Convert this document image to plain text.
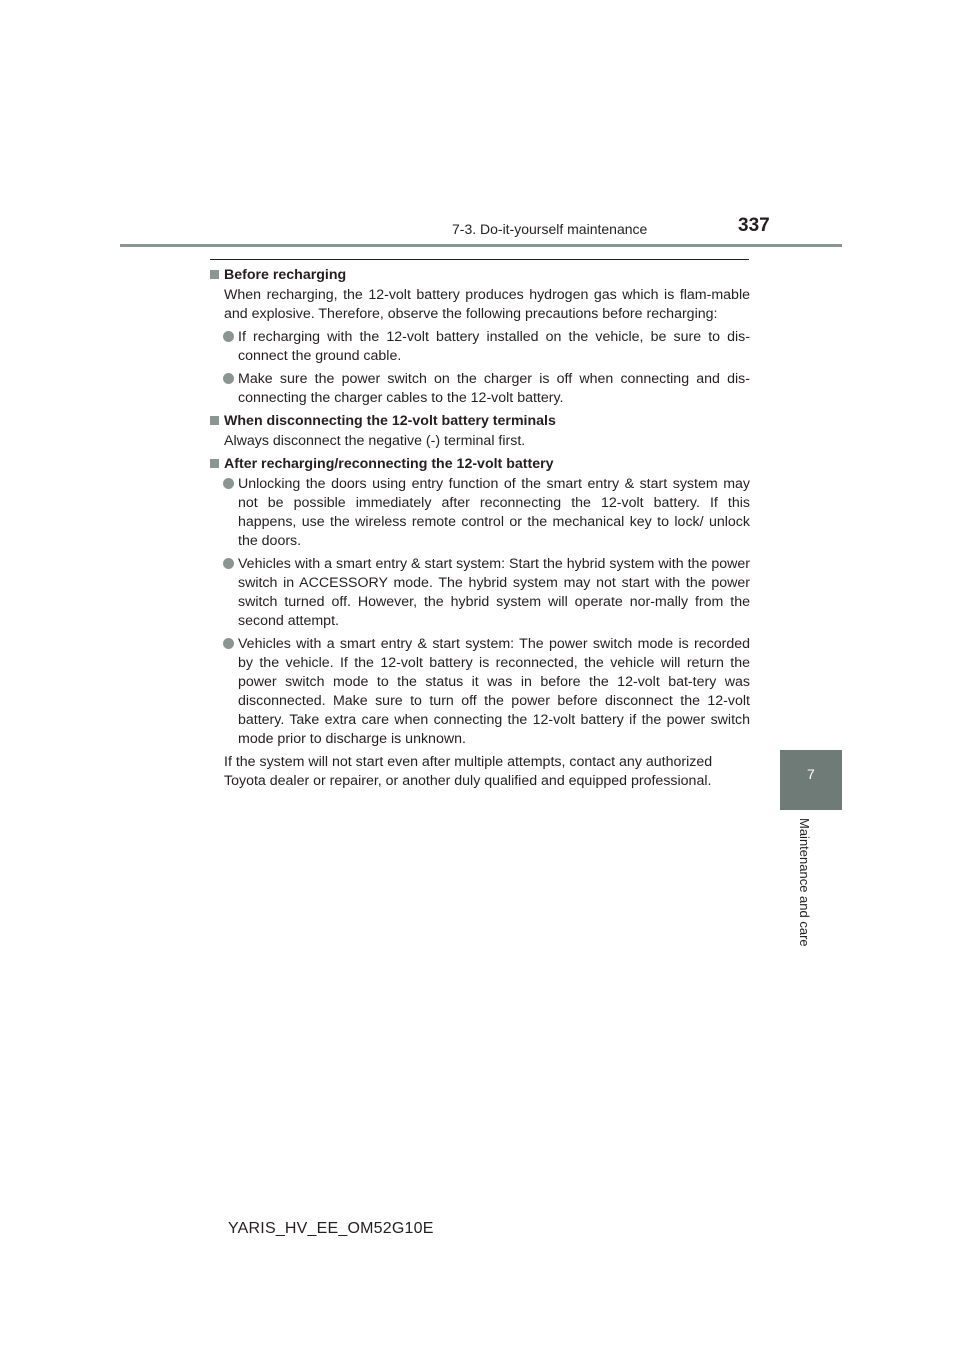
7-3. Do-it-yourself maintenance	337
7
Maintenance and care
Before recharging
When recharging, the 12-volt battery produces hydrogen gas which is flam-mable and explosive. Therefore, observe the following precautions before recharging:
If recharging with the 12-volt battery installed on the vehicle, be sure to dis-connect the ground cable.
Make sure the power switch on the charger is off when connecting and dis-connecting the charger cables to the 12-volt battery.
When disconnecting the 12-volt battery terminals
Always disconnect the negative (-) terminal first.
After recharging/reconnecting the 12-volt battery
Unlocking the doors using entry function of the smart entry & start system may not be possible immediately after reconnecting the 12-volt battery. If this happens, use the wireless remote control or the mechanical key to lock/ unlock the doors.
Vehicles with a smart entry & start system: Start the hybrid system with the power switch in ACCESSORY mode. The hybrid system may not start with the power switch turned off. However, the hybrid system will operate nor-mally from the second attempt.
Vehicles with a smart entry & start system: The power switch mode is recorded by the vehicle. If the 12-volt battery is reconnected, the vehicle will return the power switch mode to the status it was in before the 12-volt bat-tery was disconnected. Make sure to turn off the power before disconnect the 12-volt battery. Take extra care when connecting the 12-volt battery if the power switch mode prior to discharge is unknown.
If the system will not start even after multiple attempts, contact any authorized Toyota dealer or repairer, or another duly qualified and equipped professional.
YARIS_HV_EE_OM52G10E
